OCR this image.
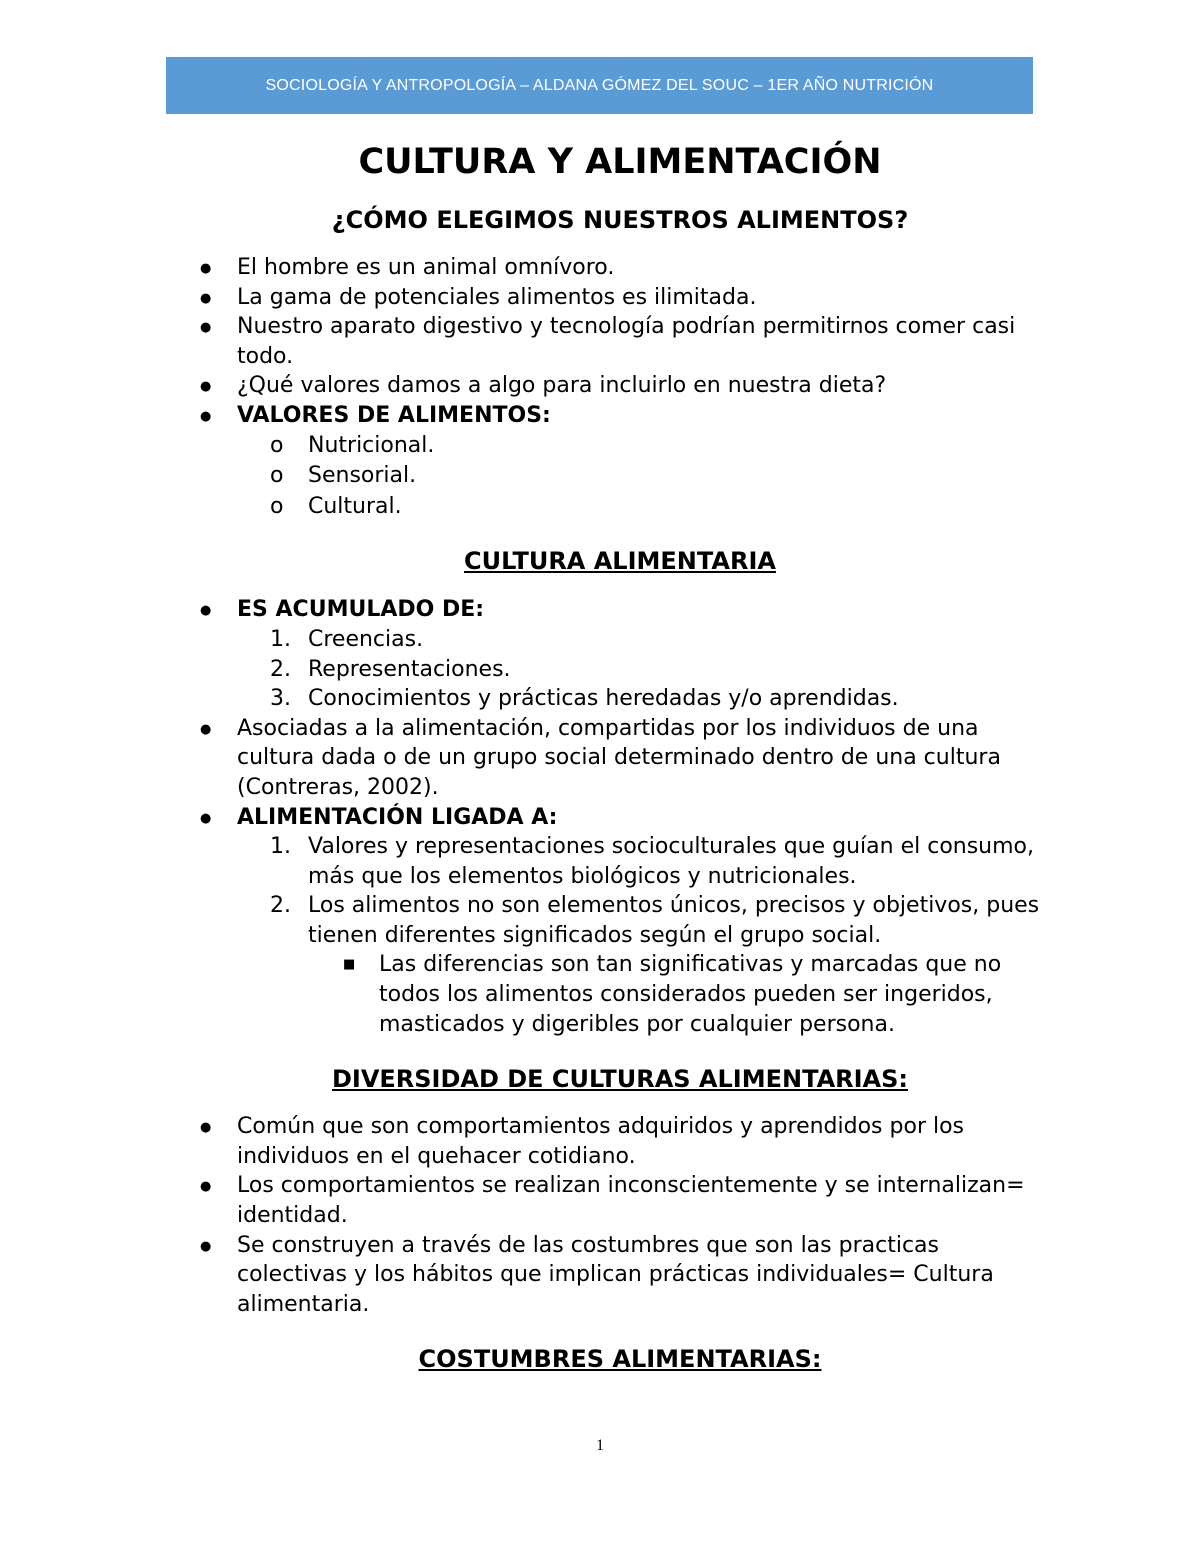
SOCIOLOGÍA Y ANTROPOLOGÍA – ALDANA GÓMEZ DEL SOUC – 1ER AÑO NUTRICIÓN
CULTURA Y ALIMENTACIÓN
¿CÓMO ELEGIMOS NUESTROS ALIMENTOS?
● El hombre es un animal omnívoro.
● La gama de potenciales alimentos es ilimitada.
● Nuestro aparato digestivo y tecnología podrían permitirnos comer casi todo.
● ¿Qué valores damos a algo para incluirlo en nuestra dieta?
● VALORES DE ALIMENTOS:
o Nutricional.
o Sensorial.
o Cultural.
CULTURA ALIMENTARIA
● ES ACUMULADO DE:
1. Creencias.
2. Representaciones.
3. Conocimientos y prácticas heredadas y/o aprendidas.
● Asociadas a la alimentación, compartidas por los individuos de una cultura dada o de un grupo social determinado dentro de una cultura (Contreras, 2002).
● ALIMENTACIÓN LIGADA A:
1. Valores y representaciones socioculturales que guían el consumo, más que los elementos biológicos y nutricionales.
2. Los alimentos no son elementos únicos, precisos y objetivos, pues tienen diferentes significados según el grupo social.
■ Las diferencias son tan significativas y marcadas que no todos los alimentos considerados pueden ser ingeridos, masticados y digeribles por cualquier persona.
DIVERSIDAD DE CULTURAS ALIMENTARIAS:
● Común que son comportamientos adquiridos y aprendidos por los individuos en el quehacer cotidiano.
● Los comportamientos se realizan inconscientemente y se internalizan= identidad.
● Se construyen a través de las costumbres que son las practicas colectivas y los hábitos que implican prácticas individuales= Cultura alimentaria.
COSTUMBRES ALIMENTARIAS:
1
